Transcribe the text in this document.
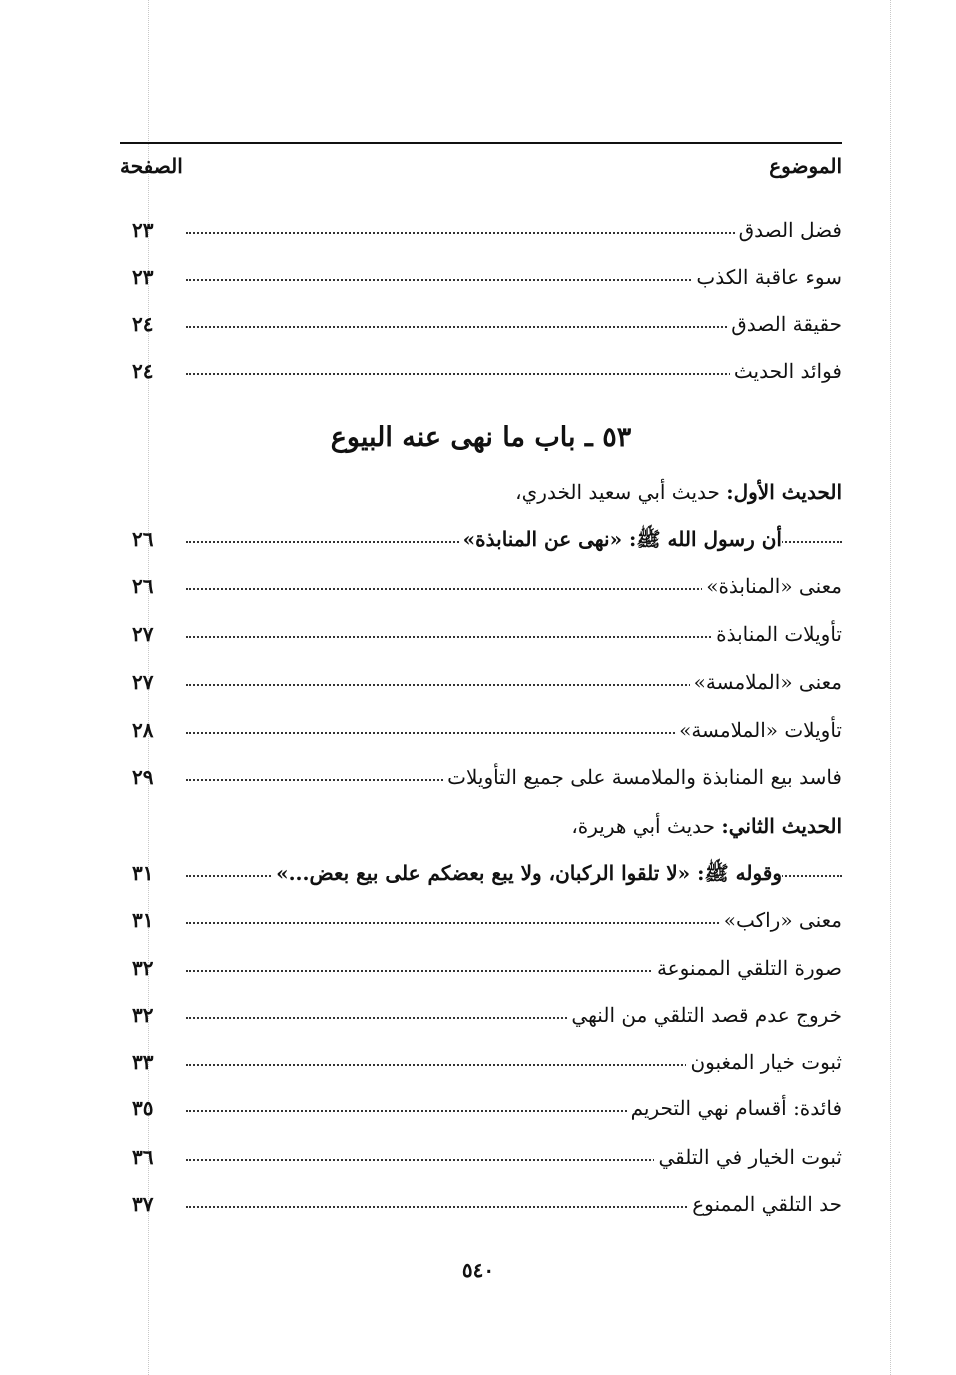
الموضوع
الصفحة
فضل الصدق
٢٣
سوء عاقبة الكذب
٢٣
حقيقة الصدق
٢٤
فوائد الحديث
٢٤
٥٣ ـ باب ما نهى عنه البيوع
الحديث الأول: حديث أبي سعيد الخدري،
أن رسول الله ﷺ: «نهى عن المنابذة»
٢٦
معنى «المنابذة»
٢٦
تأويلات المنابذة
٢٧
معنى «الملامسة»
٢٧
تأويلات «الملامسة»
٢٨
فاسد بيع المنابذة والملامسة على جميع التأويلات
٢٩
الحديث الثاني: حديث أبي هريرة،
وقوله ﷺ: «لا تلقوا الركبان، ولا يبع بعضكم على بيع بعض...»
٣١
معنى «راكب»
٣١
صورة التلقي الممنوعة
٣٢
خروج عدم قصد التلقي من النهي
٣٢
ثبوت خيار المغبون
٣٣
فائدة: أقسام نهي التحريم
٣٥
ثبوت الخيار في التلقي
٣٦
حد التلقي الممنوع
٣٧
٥٤٠
